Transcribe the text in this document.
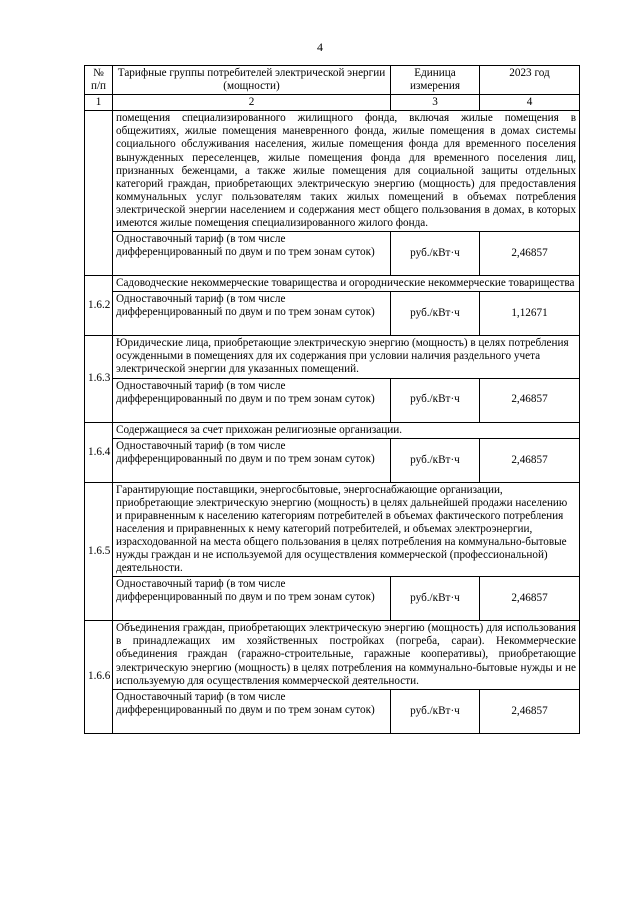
4
№ п/п	Тарифные группы потребителей электрической энергии (мощности)	Единица измерения	2023 год
1	2	3	4
	помещения специализированного жилищного фонда, включая жилые помещения в общежитиях, жилые помещения маневренного фонда, жилые помещения в домах системы социального обслуживания населения, жилые помещения фонда для временного поселения вынужденных переселенцев, жилые помещения фонда для временного поселения лиц, признанных беженцами, а также жилые помещения для социальной защиты отдельных категорий граждан, приобретающих электрическую энергию (мощность) для предоставления коммунальных услуг пользователям таких жилых помещений в объемах потребления электрической энергии населением и содержания мест общего пользования в домах, в которых имеются жилые помещения специализированного жилого фонда.		
	Одноставочный тариф (в том числе дифференцированный по двум и по трем зонам суток)	руб./кВт·ч	2,46857
1.6.2	Садоводческие некоммерческие товарищества и огороднические некоммерческие товарищества		
	Одноставочный тариф (в том числе дифференцированный по двум и по трем зонам суток)	руб./кВт·ч	1,12671
1.6.3	Юридические лица, приобретающие электрическую энергию (мощность) в целях потребления осужденными в помещениях для их содержания при условии наличия раздельного учета электрической энергии для указанных помещений.		
	Одноставочный тариф (в том числе дифференцированный по двум и по трем зонам суток)	руб./кВт·ч	2,46857
1.6.4	Содержащиеся за счет прихожан религиозные организации.		
	Одноставочный тариф (в том числе дифференцированный по двум и по трем зонам суток)	руб./кВт·ч	2,46857
1.6.5	Гарантирующие поставщики, энергосбытовые, энергоснабжающие организации, приобретающие электрическую энергию (мощность) в целях дальнейшей продажи населению и приравненным к населению категориям потребителей в объемах фактического потребления населения и приравненных к нему категорий потребителей, и объемах электроэнергии, израсходованной на места общего пользования в целях потребления на коммунально-бытовые нужды граждан и не используемой для осуществления коммерческой (профессиональной) деятельности.		
	Одноставочный тариф (в том числе дифференцированный по двум и по трем зонам суток)	руб./кВт·ч	2,46857
1.6.6	Объединения граждан, приобретающих электрическую энергию (мощность) для использования в принадлежащих им хозяйственных постройках (погреба, сараи). Некоммерческие объединения граждан (гаражно-строительные, гаражные кооперативы), приобретающие электрическую энергию (мощность) в целях потребления на коммунально-бытовые нужды и не используемую для осуществления коммерческой деятельности.		
	Одноставочный тариф (в том числе дифференцированный по двум и по трем зонам суток)	руб./кВт·ч	2,46857
